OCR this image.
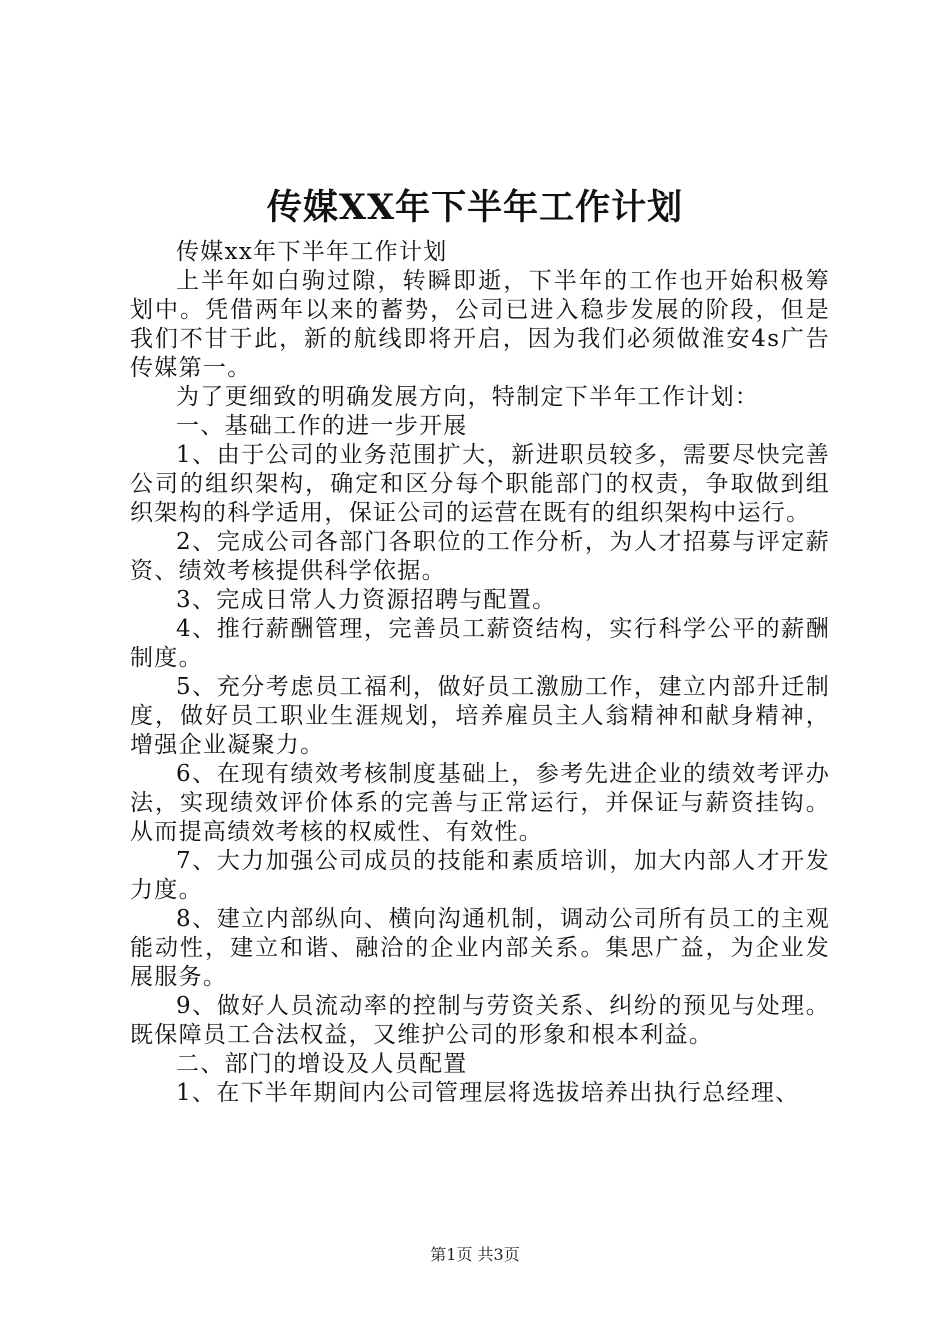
传媒XX年下半年工作计划

传媒xx年下半年工作计划

上半年如白驹过隙，转瞬即逝，下半年的工作也开始积极筹划中。凭借两年以来的蓄势，公司已进入稳步发展的阶段，但是我们不甘于此，新的航线即将开启，因为我们必须做淮安4s广告传媒第一。

为了更细致的明确发展方向，特制定下半年工作计划：

一、基础工作的进一步开展

1、由于公司的业务范围扩大，新进职员较多，需要尽快完善公司的组织架构，确定和区分每个职能部门的权责，争取做到组织架构的科学适用，保证公司的运营在既有的组织架构中运行。

2、完成公司各部门各职位的工作分析，为人才招募与评定薪资、绩效考核提供科学依据。

3、完成日常人力资源招聘与配置。

4、推行薪酬管理，完善员工薪资结构，实行科学公平的薪酬制度。

5、充分考虑员工福利，做好员工激励工作，建立内部升迁制度，做好员工职业生涯规划，培养雇员主人翁精神和献身精神，增强企业凝聚力。

6、在现有绩效考核制度基础上，参考先进企业的绩效考评办法，实现绩效评价体系的完善与正常运行，并保证与薪资挂钩。从而提高绩效考核的权威性、有效性。

7、大力加强公司成员的技能和素质培训，加大内部人才开发力度。

8、建立内部纵向、横向沟通机制，调动公司所有员工的主观能动性，建立和谐、融洽的企业内部关系。集思广益，为企业发展服务。

9、做好人员流动率的控制与劳资关系、纠纷的预见与处理。既保障员工合法权益，又维护公司的形象和根本利益。

二、部门的增设及人员配置

1、在下半年期间内公司管理层将选拔培养出执行总经理、

第1页 共3页
